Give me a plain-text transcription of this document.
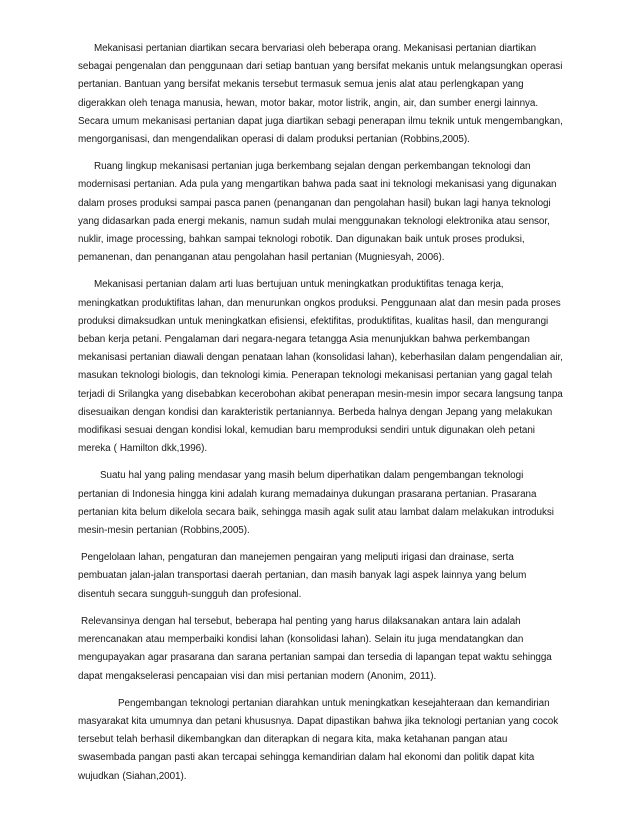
Mekanisasi pertanian diartikan secara bervariasi oleh beberapa orang. Mekanisasi pertanian diartikan sebagai pengenalan dan penggunaan dari setiap bantuan yang bersifat mekanis untuk melangsungkan operasi pertanian. Bantuan yang bersifat mekanis tersebut termasuk semua jenis alat atau perlengkapan yang digerakkan oleh tenaga manusia, hewan, motor bakar, motor listrik, angin, air, dan sumber energi lainnya. Secara umum mekanisasi pertanian dapat juga diartikan sebagi penerapan ilmu teknik untuk mengembangkan, mengorganisasi, dan mengendalikan operasi di dalam produksi pertanian (Robbins,2005).

Ruang lingkup mekanisasi pertanian juga berkembang sejalan dengan perkembangan teknologi dan modernisasi pertanian. Ada pula yang mengartikan bahwa pada saat ini teknologi mekanisasi yang digunakan dalam proses produksi sampai pasca panen (penanganan dan pengolahan hasil) bukan lagi hanya teknologi yang didasarkan pada energi mekanis, namun sudah mulai menggunakan teknologi elektronika atau sensor, nuklir, image processing, bahkan sampai teknologi robotik. Dan digunakan baik untuk proses produksi, pemanenan, dan penanganan atau pengolahan hasil pertanian (Mugniesyah, 2006).

Mekanisasi pertanian dalam arti luas bertujuan untuk meningkatkan produktifitas tenaga kerja, meningkatkan produktifitas lahan, dan menurunkan ongkos produksi. Penggunaan alat dan mesin pada proses produksi dimaksudkan untuk meningkatkan efisiensi, efektifitas, produktifitas, kualitas hasil, dan mengurangi beban kerja petani. Pengalaman dari negara-negara tetangga Asia menunjukkan bahwa perkembangan mekanisasi pertanian diawali dengan penataan lahan (konsolidasi lahan), keberhasilan dalam pengendalian air, masukan teknologi biologis, dan teknologi kimia. Penerapan teknologi mekanisasi pertanian yang gagal telah terjadi di Srilangka yang disebabkan kecerobohan akibat penerapan mesin-mesin impor secara langsung tanpa disesuaikan dengan kondisi dan karakteristik pertaniannya. Berbeda halnya dengan Jepang yang melakukan modifikasi sesuai dengan kondisi lokal, kemudian baru memproduksi sendiri untuk digunakan oleh petani mereka ( Hamilton dkk,1996).

Suatu hal yang paling mendasar yang masih belum diperhatikan dalam pengembangan teknologi pertanian di Indonesia hingga kini adalah kurang memadainya dukungan prasarana pertanian. Prasarana pertanian kita belum dikelola secara baik, sehingga masih agak sulit atau lambat dalam melakukan introduksi mesin-mesin pertanian (Robbins,2005).

Pengelolaan lahan, pengaturan dan manejemen pengairan yang meliputi irigasi dan drainase, serta pembuatan jalan-jalan transportasi daerah pertanian, dan masih banyak lagi aspek lainnya yang belum disentuh secara sungguh-sungguh dan profesional.

Relevansinya dengan hal tersebut, beberapa hal penting yang harus dilaksanakan antara lain adalah merencanakan atau memperbaiki kondisi lahan (konsolidasi lahan). Selain itu juga mendatangkan dan mengupayakan agar prasarana dan sarana pertanian sampai dan tersedia di lapangan tepat waktu sehingga dapat mengakselerasi pencapaian visi dan misi pertanian modern (Anonim, 2011).

Pengembangan teknologi pertanian diarahkan untuk meningkatkan kesejahteraan dan kemandirian masyarakat kita umumnya dan petani khususnya. Dapat dipastikan bahwa jika teknologi pertanian yang cocok tersebut telah berhasil dikembangkan dan diterapkan di negara kita, maka ketahanan pangan atau swasembada pangan pasti akan tercapai sehingga kemandirian dalam hal ekonomi dan politik dapat kita wujudkan (Siahan,2001).
